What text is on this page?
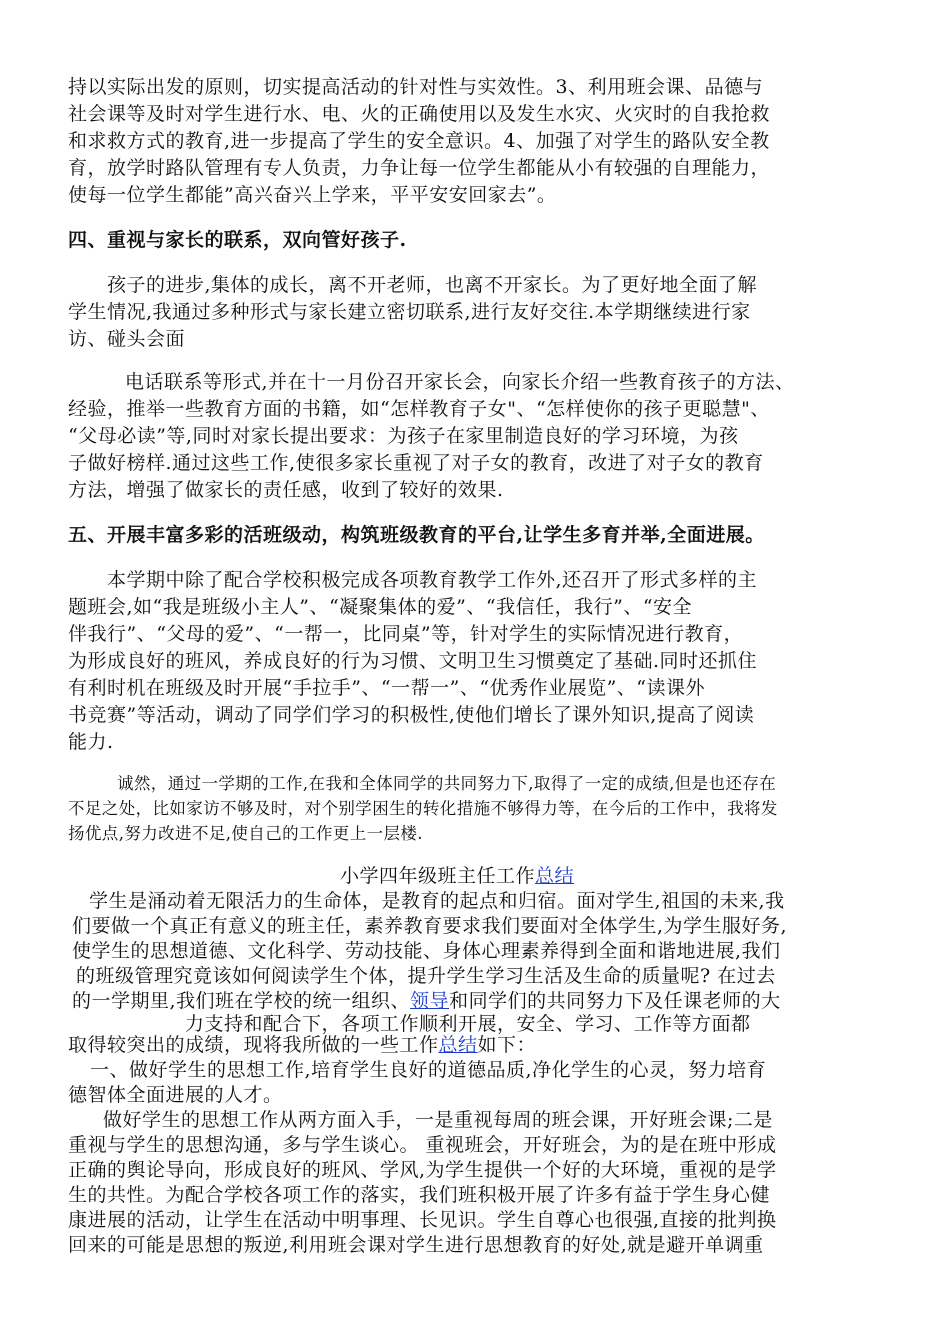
持以实际出发的原则，切实提高活动的针对性与实效性。3、利用班会课、品德与
社会课等及时对学生进行水、电、火的正确使用以及发生水灾、火灾时的自我抢救
和求救方式的教育,进一步提高了学生的安全意识。4、加强了对学生的路队安全教
育，放学时路队管理有专人负责，力争让每一位学生都能从小有较强的自理能力，
使每一位学生都能”高兴奋兴上学来，平平安安回家去”。
四、重视与家长的联系，双向管好孩子.
孩子的进步,集体的成长，离不开老师，也离不开家长。为了更好地全面了解
学生情况,我通过多种形式与家长建立密切联系,进行友好交往.本学期继续进行家
访、碰头会面
电话联系等形式,并在十一月份召开家长会，向家长介绍一些教育孩子的方法、
经验，推举一些教育方面的书籍，如“怎样教育子女"、“怎样使你的孩子更聪慧"、
“父母必读”等,同时对家长提出要求：为孩子在家里制造良好的学习环境，为孩
子做好榜样.通过这些工作,使很多家长重视了对子女的教育，改进了对子女的教育
方法，增强了做家长的责任感，收到了较好的效果.
五、开展丰富多彩的活班级动，构筑班级教育的平台,让学生多育并举,全面进展。
本学期中除了配合学校积极完成各项教育教学工作外,还召开了形式多样的主
题班会,如“我是班级小主人”、“凝聚集体的爱”、“我信任，我行”、“安全
伴我行”、“父母的爱”、“一帮一，比同桌”等，针对学生的实际情况进行教育，
为形成良好的班风，养成良好的行为习惯、文明卫生习惯奠定了基础.同时还抓住
有利时机在班级及时开展“手拉手”、“一帮一”、“优秀作业展览”、“读课外
书竞赛”等活动，调动了同学们学习的积极性,使他们增长了课外知识,提高了阅读
能力.
诚然，通过一学期的工作,在我和全体同学的共同努力下,取得了一定的成绩,但是也还存在
不足之处，比如家访不够及时，对个别学困生的转化措施不够得力等，在今后的工作中，我将发
扬优点,努力改进不足,使自己的工作更上一层楼.
小学四年级班主任工作总结
学生是涌动着无限活力的生命体，是教育的起点和归宿。面对学生,祖国的未来,我
们要做一个真正有意义的班主任，素养教育要求我们要面对全体学生,为学生服好务,
使学生的思想道德、文化科学、劳动技能、身体心理素养得到全面和谐地进展,我们
的班级管理究竟该如何阅读学生个体，提升学生学习生活及生命的质量呢? 在过去
的一学期里,我们班在学校的统一组织、领导和同学们的共同努力下及任课老师的大
力支持和配合下，各项工作顺利开展，安全、学习、工作等方面都
取得较突出的成绩，现将我所做的一些工作总结如下：
一、做好学生的思想工作,培育学生良好的道德品质,净化学生的心灵，努力培育
德智体全面进展的人才。
做好学生的思想工作从两方面入手，一是重视每周的班会课，开好班会课;二是
重视与学生的思想沟通，多与学生谈心。 重视班会，开好班会，为的是在班中形成
正确的舆论导向，形成良好的班风、学风,为学生提供一个好的大环境，重视的是学
生的共性。为配合学校各项工作的落实，我们班积极开展了许多有益于学生身心健
康进展的活动，让学生在活动中明事理、长见识。学生自尊心也很强,直接的批判换
回来的可能是思想的叛逆,利用班会课对学生进行思想教育的好处,就是避开单调重
